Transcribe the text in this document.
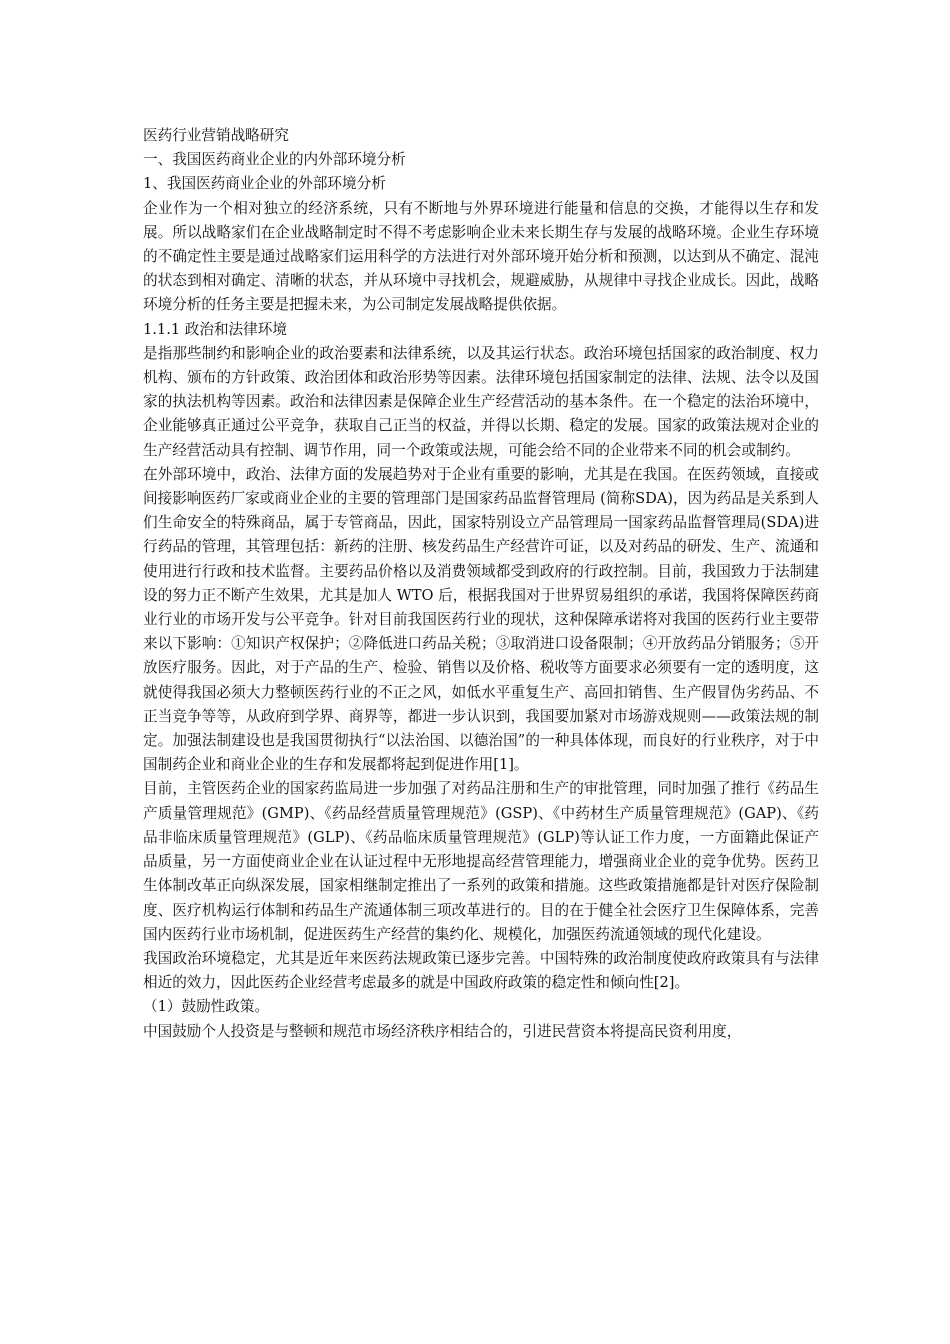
医药行业营销战略研究

一、我国医药商业企业的内外部环境分析

1、我国医药商业企业的外部环境分析

企业作为一个相对独立的经济系统，只有不断地与外界环境进行能量和信息的交换，才能得以生存和发展。所以战略家们在企业战略制定时不得不考虑影响企业未来长期生存与发展的战略环境。企业生存环境的不确定性主要是通过战略家们运用科学的方法进行对外部环境开始分析和预测，以达到从不确定、混沌的状态到相对确定、清晰的状态，并从环境中寻找机会，规避威胁，从规律中寻找企业成长。因此，战略环境分析的任务主要是把握未来，为公司制定发展战略提供依据。

1.1.1 政治和法律环境

是指那些制约和影响企业的政治要素和法律系统，以及其运行状态。政治环境包括国家的政治制度、权力机构、颁布的方针政策、政治团体和政治形势等因素。法律环境包括国家制定的法律、法规、法令以及国家的执法机构等因素。政治和法律因素是保障企业生产经营活动的基本条件。在一个稳定的法治环境中，企业能够真正通过公平竞争，获取自己正当的权益，并得以长期、稳定的发展。国家的政策法规对企业的生产经营活动具有控制、调节作用，同一个政策或法规，可能会给不同的企业带来不同的机会或制约。

在外部环境中，政治、法律方面的发展趋势对于企业有重要的影响，尤其是在我国。在医药领域，直接或间接影响医药厂家或商业企业的主要的管理部门是国家药品监督管理局 (简称SDA)，因为药品是关系到人们生命安全的特殊商品，属于专管商品，因此，国家特别设立产品管理局一国家药品监督管理局(SDA)进行药品的管理，其管理包括：新药的注册、核发药品生产经营许可证，以及对药品的研发、生产、流通和使用进行行政和技术监督。主要药品价格以及消费领域都受到政府的行政控制。目前，我国致力于法制建设的努力正不断产生效果，尤其是加人 WTO 后，根据我国对于世界贸易组织的承诺，我国将保障医药商业行业的市场开发与公平竞争。针对目前我国医药行业的现状，这种保障承诺将对我国的医药行业主要带来以下影响：①知识产权保护；②降低进口药品关税；③取消进口设备限制；④开放药品分销服务；⑤开放医疗服务。因此，对于产品的生产、检验、销售以及价格、税收等方面要求必须要有一定的透明度，这就使得我国必须大力整顿医药行业的不正之风，如低水平重复生产、高回扣销售、生产假冒伪劣药品、不正当竞争等等，从政府到学界、商界等，都进一步认识到，我国要加紧对市场游戏规则——政策法规的制定。加强法制建设也是我国贯彻执行“以法治国、以德治国”的一种具体体现，而良好的行业秩序，对于中国制药企业和商业企业的生存和发展都将起到促进作用[1]。

目前，主管医药企业的国家药监局进一步加强了对药品注册和生产的审批管理，同时加强了推行《药品生产质量管理规范》(GMP)、《药品经营质量管理规范》(GSP)、《中药材生产质量管理规范》(GAP)、《药品非临床质量管理规范》(GLP)、《药品临床质量管理规范》(GLP)等认证工作力度，一方面籍此保证产品质量，另一方面使商业企业在认证过程中无形地提高经营管理能力，增强商业企业的竞争优势。医药卫生体制改革正向纵深发展，国家相继制定推出了一系列的政策和措施。这些政策措施都是针对医疗保险制度、医疗机构运行体制和药品生产流通体制三项改革进行的。目的在于健全社会医疗卫生保障体系，完善国内医药行业市场机制，促进医药生产经营的集约化、规模化，加强医药流通领域的现代化建设。

我国政治环境稳定，尤其是近年来医药法规政策已逐步完善。中国特殊的政治制度使政府政策具有与法律相近的效力，因此医药企业经营考虑最多的就是中国政府政策的稳定性和倾向性[2]。

（1）鼓励性政策。

中国鼓励个人投资是与整顿和规范市场经济秩序相结合的，引进民营资本将提高民资利用度，
